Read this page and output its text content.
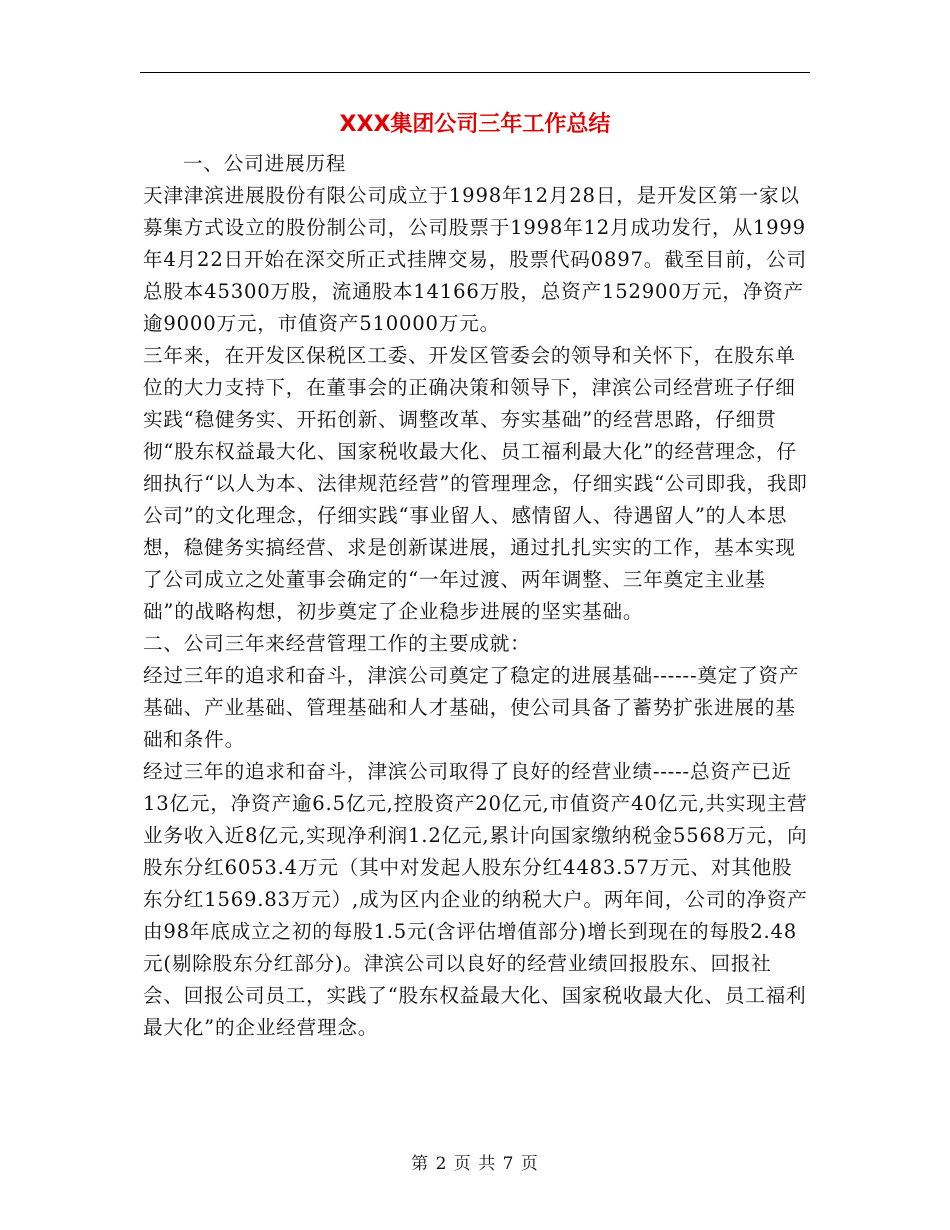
XXX集团公司三年工作总结

一、公司进展历程

天津津滨进展股份有限公司成立于1998年12月28日，是开发区第一家以募集方式设立的股份制公司，公司股票于1998年12月成功发行，从1999年4月22日开始在深交所正式挂牌交易，股票代码0897。截至目前，公司总股本45300万股，流通股本14166万股，总资产152900万元，净资产逾9000万元，市值资产510000万元。

三年来，在开发区保税区工委、开发区管委会的领导和关怀下，在股东单位的大力支持下，在董事会的正确决策和领导下，津滨公司经营班子仔细实践“稳健务实、开拓创新、调整改革、夯实基础”的经营思路，仔细贯彻“股东权益最大化、国家税收最大化、员工福利最大化”的经营理念，仔细执行“以人为本、法律规范经营”的管理理念，仔细实践“公司即我，我即公司”的文化理念，仔细实践“事业留人、感情留人、待遇留人”的人本思想，稳健务实搞经营、求是创新谋进展，通过扎扎实实的工作，基本实现了公司成立之处董事会确定的“一年过渡、两年调整、三年奠定主业基础”的战略构想，初步奠定了企业稳步进展的坚实基础。

二、公司三年来经营管理工作的主要成就：

经过三年的追求和奋斗，津滨公司奠定了稳定的进展基础------奠定了资产基础、产业基础、管理基础和人才基础，使公司具备了蓄势扩张进展的基础和条件。

经过三年的追求和奋斗，津滨公司取得了良好的经营业绩-----总资产已近13亿元，净资产逾6.5亿元,控股资产20亿元,市值资产40亿元,共实现主营业务收入近8亿元,实现净利润1.2亿元,累计向国家缴纳税金5568万元，向股东分红6053.4万元（其中对发起人股东分红4483.57万元、对其他股东分红1569.83万元）,成为区内企业的纳税大户。两年间，公司的净资产由98年底成立之初的每股1.5元(含评估增值部分)增长到现在的每股2.48元(剔除股东分红部分)。津滨公司以良好的经营业绩回报股东、回报社会、回报公司员工，实践了“股东权益最大化、国家税收最大化、员工福利最大化”的企业经营理念。

第 2 页 共 7 页
